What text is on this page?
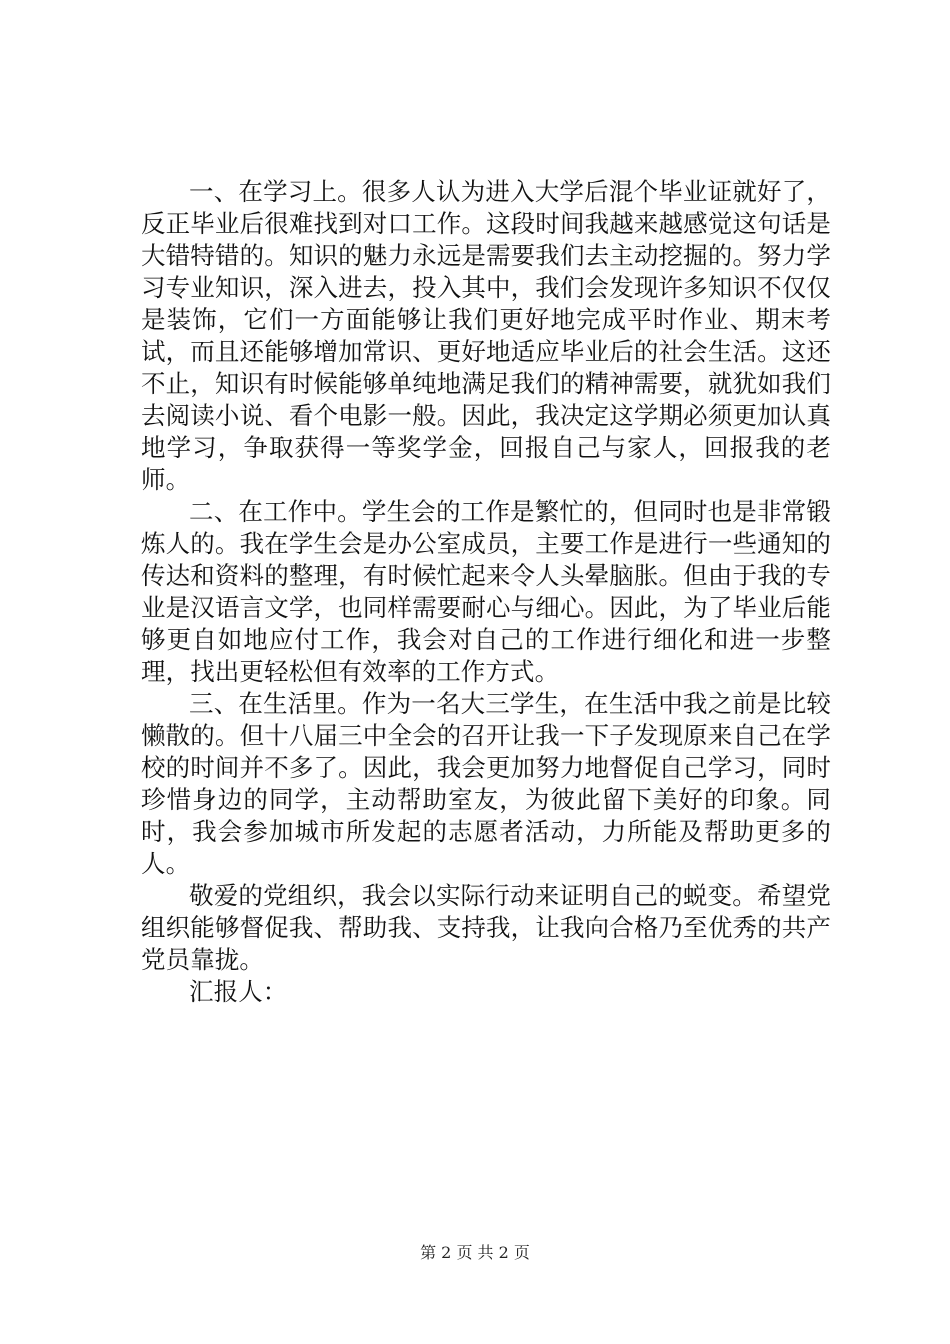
一、在学习上。很多人认为进入大学后混个毕业证就好了，反正毕业后很难找到对口工作。这段时间我越来越感觉这句话是大错特错的。知识的魅力永远是需要我们去主动挖掘的。努力学习专业知识，深入进去，投入其中，我们会发现许多知识不仅仅是装饰，它们一方面能够让我们更好地完成平时作业、期末考试，而且还能够增加常识、更好地适应毕业后的社会生活。这还不止，知识有时候能够单纯地满足我们的精神需要，就犹如我们去阅读小说、看个电影一般。因此，我决定这学期必须更加认真地学习，争取获得一等奖学金，回报自己与家人，回报我的老师。

二、在工作中。学生会的工作是繁忙的，但同时也是非常锻炼人的。我在学生会是办公室成员，主要工作是进行一些通知的传达和资料的整理，有时候忙起来令人头晕脑胀。但由于我的专业是汉语言文学，也同样需要耐心与细心。因此，为了毕业后能够更自如地应付工作，我会对自己的工作进行细化和进一步整理，找出更轻松但有效率的工作方式。

三、在生活里。作为一名大三学生，在生活中我之前是比较懒散的。但十八届三中全会的召开让我一下子发现原来自己在学校的时间并不多了。因此，我会更加努力地督促自己学习，同时珍惜身边的同学，主动帮助室友，为彼此留下美好的印象。同时，我会参加城市所发起的志愿者活动，力所能及帮助更多的人。

敬爱的党组织，我会以实际行动来证明自己的蜕变。希望党组织能够督促我、帮助我、支持我，让我向合格乃至优秀的共产党员靠拢。

汇报人：

第 2 页 共 2 页
